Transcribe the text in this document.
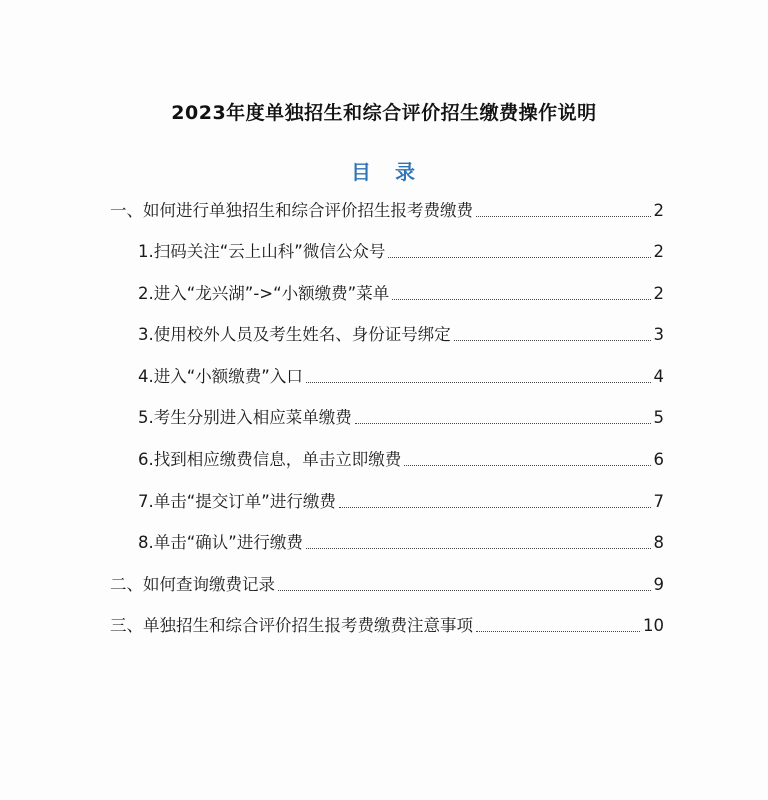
2023年度单独招生和综合评价招生缴费操作说明
目　录
一、如何进行单独招生和综合评价招生报考费缴费	2
1.扫码关注“云上山科”微信公众号	2
2.进入“龙兴湖”->“小额缴费”菜单	2
3.使用校外人员及考生姓名、身份证号绑定	3
4.进入“小额缴费”入口	4
5.考生分别进入相应菜单缴费	5
6.找到相应缴费信息，单击立即缴费	6
7.单击“提交订单”进行缴费	7
8.单击“确认”进行缴费	8
二、如何查询缴费记录	9
三、单独招生和综合评价招生报考费缴费注意事项	10
